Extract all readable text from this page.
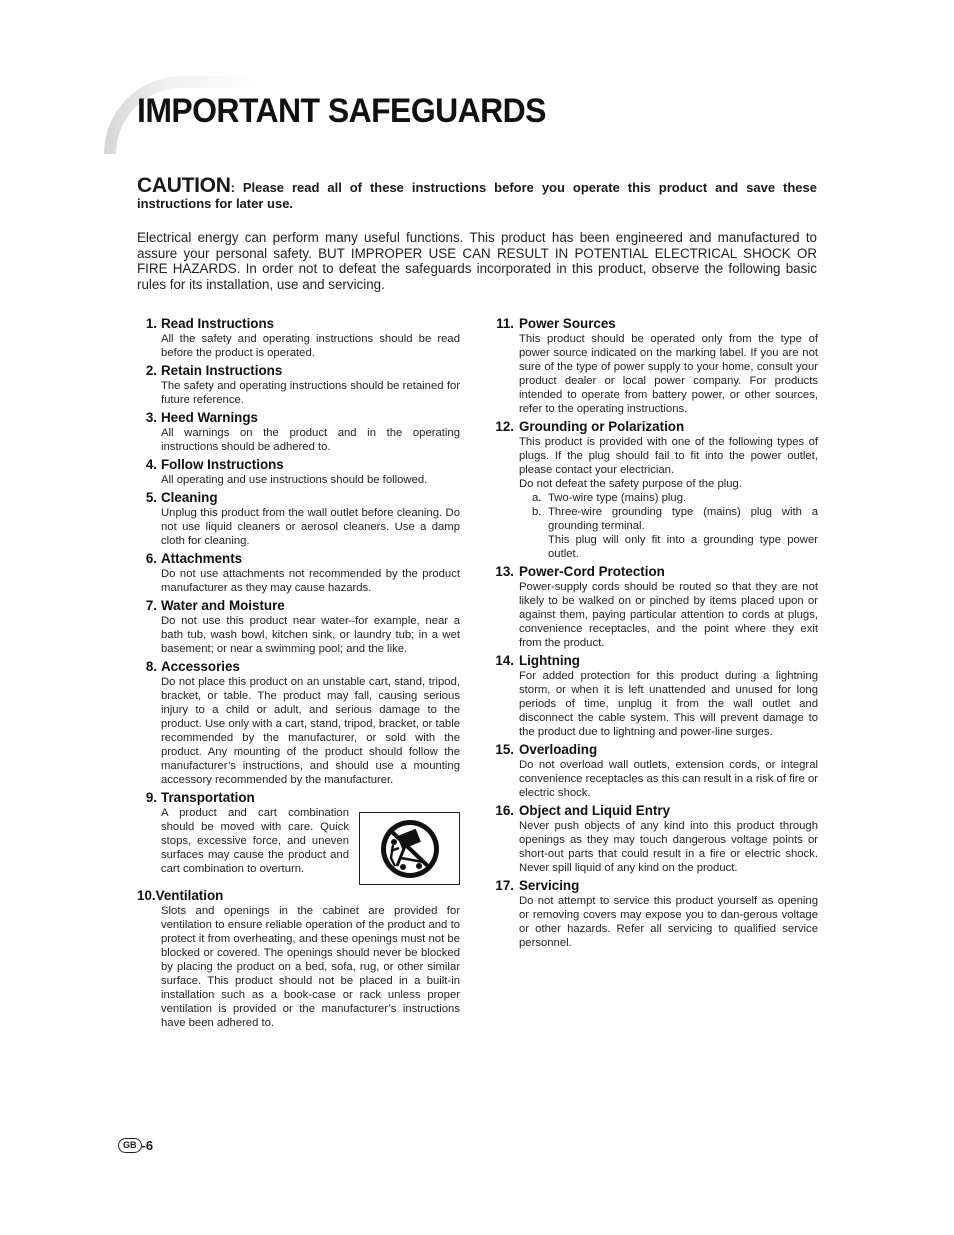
IMPORTANT SAFEGUARDS
CAUTION: Please read all of these instructions before you operate this product and save these instructions for later use.

Electrical energy can perform many useful functions. This product has been engineered and manufactured to assure your personal safety. BUT IMPROPER USE CAN RESULT IN POTENTIAL ELECTRICAL SHOCK OR FIRE HAZARDS. In order not to defeat the safeguards incorporated in this product, observe the following basic rules for its installation, use and servicing.

1. Read Instructions
All the safety and operating instructions should be read before the product is operated.
2. Retain Instructions
The safety and operating instructions should be retained for future reference.
3. Heed Warnings
All warnings on the product and in the operating instructions should be adhered to.
4. Follow Instructions
All operating and use instructions should be followed.
5. Cleaning
Unplug this product from the wall outlet before cleaning. Do not use liquid cleaners or aerosol cleaners. Use a damp cloth for cleaning.
6. Attachments
Do not use attachments not recommended by the product manufacturer as they may cause hazards.
7. Water and Moisture
Do not use this product near water–for example, near a bath tub, wash bowl, kitchen sink, or laundry tub; in a wet basement; or near a swimming pool; and the like.
8. Accessories
Do not place this product on an unstable cart, stand, tripod, bracket, or table. The product may fall, causing serious injury to a child or adult, and serious damage to the product. Use only with a cart, stand, tripod, bracket, or table recommended by the manufacturer, or sold with the product. Any mounting of the product should follow the manufacturer’s instructions, and should use a mounting accessory recommended by the manufacturer.
9. Transportation
A product and cart combination should be moved with care. Quick stops, excessive force, and uneven surfaces may cause the product and cart combination to overturn.
10.Ventilation
Slots and openings in the cabinet are provided for ventilation to ensure reliable operation of the product and to protect it from overheating, and these openings must not be blocked or covered. The openings should never be blocked by placing the product on a bed, sofa, rug, or other similar surface. This product should not be placed in a built-in installation such as a book-case or rack unless proper ventilation is provided or the manufacturer’s instructions have been adhered to.
11. Power Sources
This product should be operated only from the type of power source indicated on the marking label. If you are not sure of the type of power supply to your home, consult your product dealer or local power company. For products intended to operate from battery power, or other sources, refer to the operating instructions.
12. Grounding or Polarization

This product is provided with one of the following types of plugs. If the plug should fail to fit into the power outlet, please contact your electrician.

Do not defeat the safety purpose of the plug.

a. Two-wire type (mains) plug.
b. Three-wire grounding type (mains) plug with a grounding terminal.
This plug will only fit into a grounding type power outlet.
13. Power-Cord Protection
Power-supply cords should be routed so that they are not likely to be walked on or pinched by items placed upon or against them, paying particular attention to cords at plugs, convenience receptacles, and the point where they exit from the product.
14. Lightning
For added protection for this product during a lightning storm, or when it is left unattended and unused for long periods of time, unplug it from the wall outlet and disconnect the cable system. This will prevent damage to the product due to lightning and power-line surges.
15. Overloading
Do not overload wall outlets, extension cords, or integral convenience receptacles as this can result in a risk of fire or electric shock.
16. Object and Liquid Entry
Never push objects of any kind into this product through openings as they may touch dangerous voltage points or short-out parts that could result in a fire or electric shock. Never spill liquid of any kind on the product.
17. Servicing
Do not attempt to service this product yourself as opening or removing covers may expose you to dan-gerous voltage or other hazards. Refer all servicing to qualified service personnel.
GB -6
